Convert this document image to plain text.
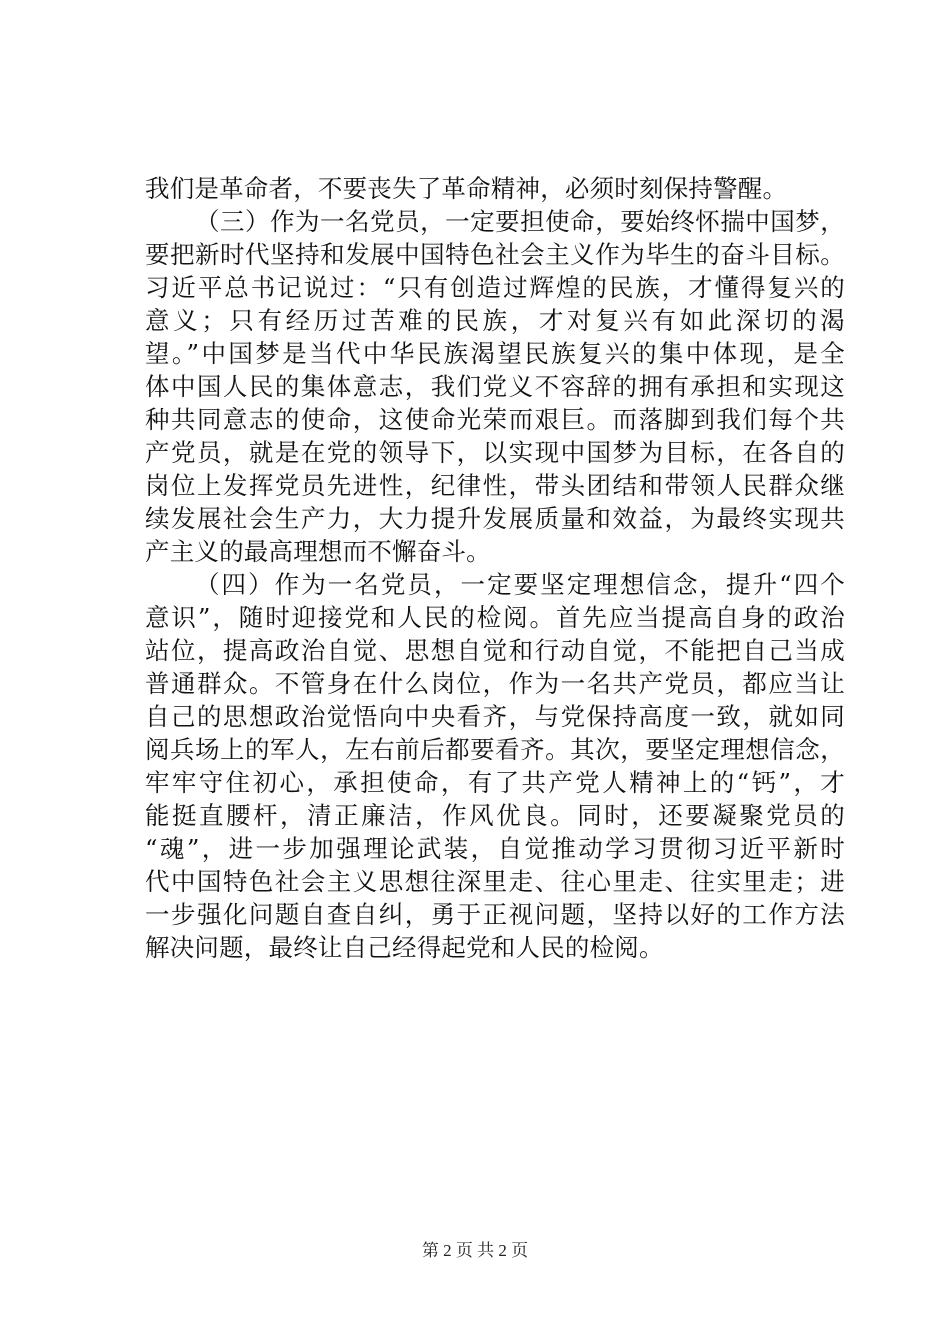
我们是革命者，不要丧失了革命精神，必须时刻保持警醒。
（三）作为一名党员，一定要担使命，要始终怀揣中国梦，
要把新时代坚持和发展中国特色社会主义作为毕生的奋斗目标。
习近平总书记说过：“只有创造过辉煌的民族，才懂得复兴的
意义；只有经历过苦难的民族，才对复兴有如此深切的渴
望。”中国梦是当代中华民族渴望民族复兴的集中体现，是全
体中国人民的集体意志，我们党义不容辞的拥有承担和实现这
种共同意志的使命，这使命光荣而艰巨。而落脚到我们每个共
产党员，就是在党的领导下，以实现中国梦为目标，在各自的
岗位上发挥党员先进性，纪律性，带头团结和带领人民群众继
续发展社会生产力，大力提升发展质量和效益，为最终实现共
产主义的最高理想而不懈奋斗。
（四）作为一名党员，一定要坚定理想信念，提升“四个
意识”，随时迎接党和人民的检阅。首先应当提高自身的政治
站位，提高政治自觉、思想自觉和行动自觉，不能把自己当成
普通群众。不管身在什么岗位，作为一名共产党员，都应当让
自己的思想政治觉悟向中央看齐，与党保持高度一致，就如同
阅兵场上的军人，左右前后都要看齐。其次，要坚定理想信念，
牢牢守住初心，承担使命，有了共产党人精神上的“钙”，才
能挺直腰杆，清正廉洁，作风优良。同时，还要凝聚党员的
“魂”，进一步加强理论武装，自觉推动学习贯彻习近平新时
代中国特色社会主义思想往深里走、往心里走、往实里走；进
一步强化问题自查自纠，勇于正视问题，坚持以好的工作方法
解决问题，最终让自己经得起党和人民的检阅。
第 2 页 共 2 页
